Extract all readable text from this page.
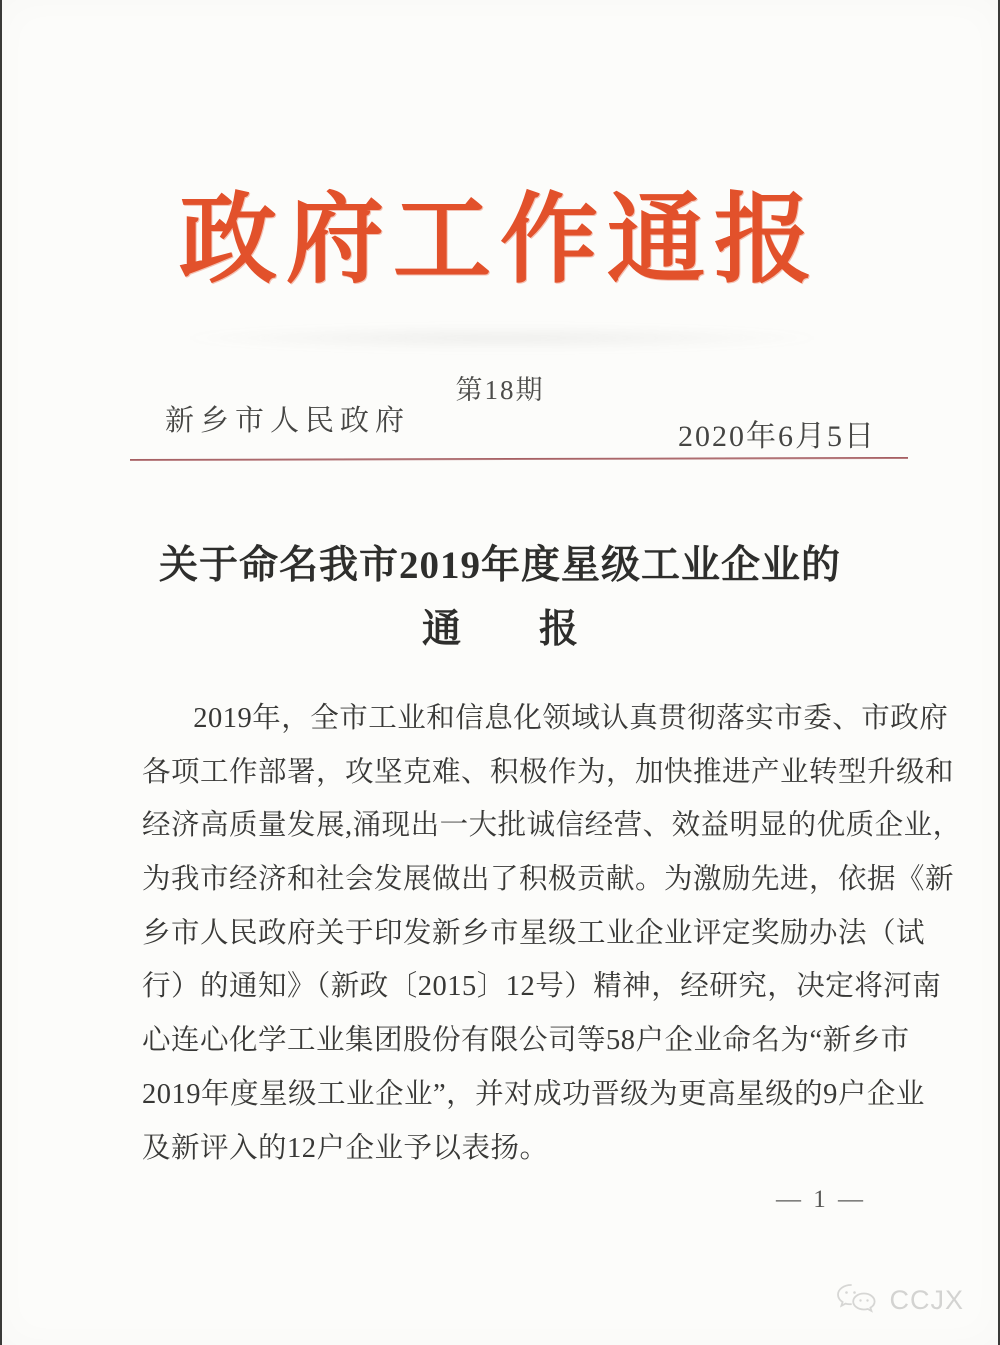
政府工作通报
第18期
新乡市人民政府	2020年6月5日
关于命名我市2019年度星级工业企业的
通　　报
2019年，全市工业和信息化领域认真贯彻落实市委、市政府
各项工作部署，攻坚克难、积极作为，加快推进产业转型升级和
经济高质量发展,涌现出一大批诚信经营、效益明显的优质企业，
为我市经济和社会发展做出了积极贡献。为激励先进，依据《新
乡市人民政府关于印发新乡市星级工业企业评定奖励办法（试
行）的通知》（新政〔2015〕12号）精神，经研究，决定将河南
心连心化学工业集团股份有限公司等58户企业命名为“新乡市
2019年度星级工业企业”，并对成功晋级为更高星级的9户企业
及新评入的12户企业予以表扬。
— 1 —
CCJX
